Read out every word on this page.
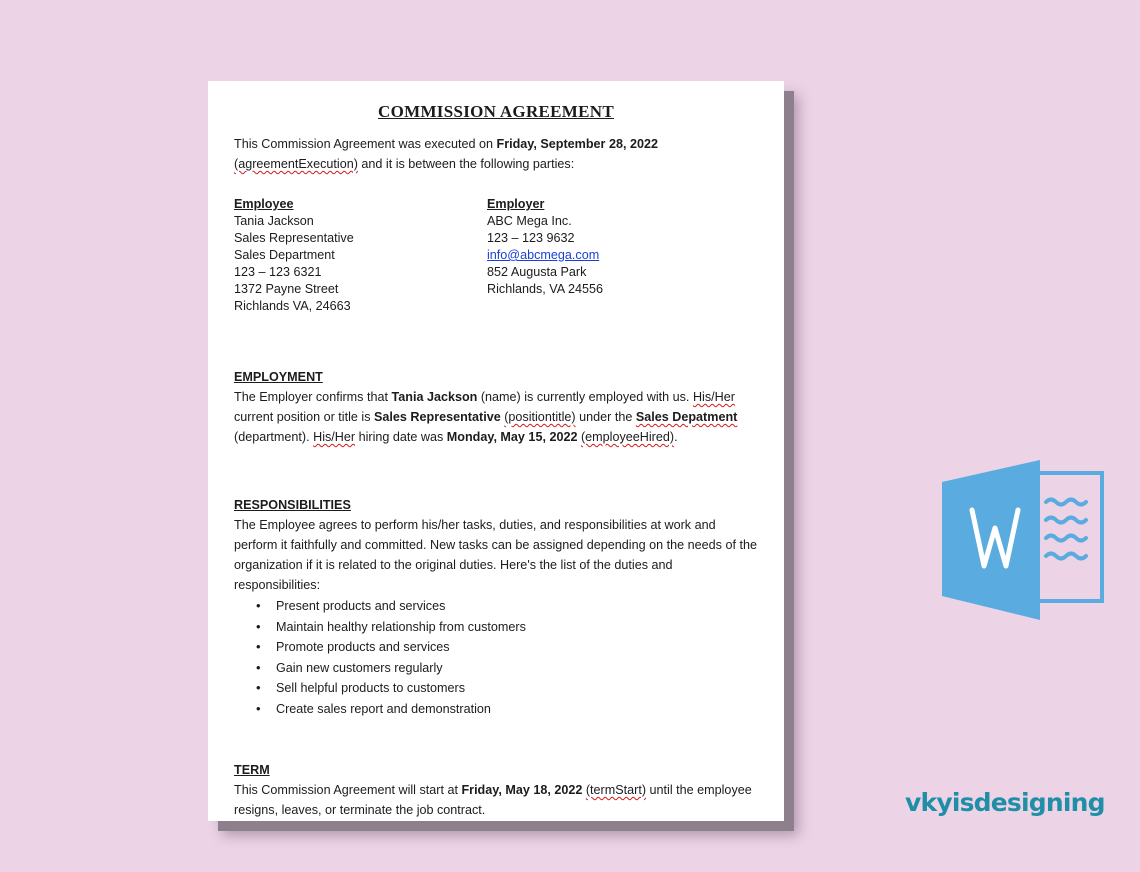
COMMISSION AGREEMENT

This Commission Agreement was executed on Friday, September 28, 2022
(agreementExecution) and it is between the following parties:

Employee
Tania Jackson
Sales Representative
Sales Department
123 – 123 6321
1372 Payne Street
Richlands VA, 24663
Employer
ABC Mega Inc.
123 – 123 9632
info@abcmega.com
852 Augusta Park
Richlands, VA 24556
EMPLOYMENT

The Employer confirms that Tania Jackson (name) is currently employed with us. His/Her current position or title is Sales Representative (positiontitle) under the Sales Depatment
(department). His/Her hiring date was Monday, May 15, 2022 (employeeHired).

RESPONSIBILITIES

The Employee agrees to perform his/her tasks, duties, and responsibilities at work and perform it faithfully and committed. New tasks can be assigned depending on the needs of the organization if it is related to the original duties. Here's the list of the duties and responsibilities:

• Present products and services
• Maintain healthy relationship from customers
• Promote products and services
• Gain new customers regularly
• Sell helpful products to customers
• Create sales report and demonstration
TERM

This Commission Agreement will start at Friday, May 18, 2022 (termStart) until the employee resigns, leaves, or terminate the job contract.	vkyisdesigning
